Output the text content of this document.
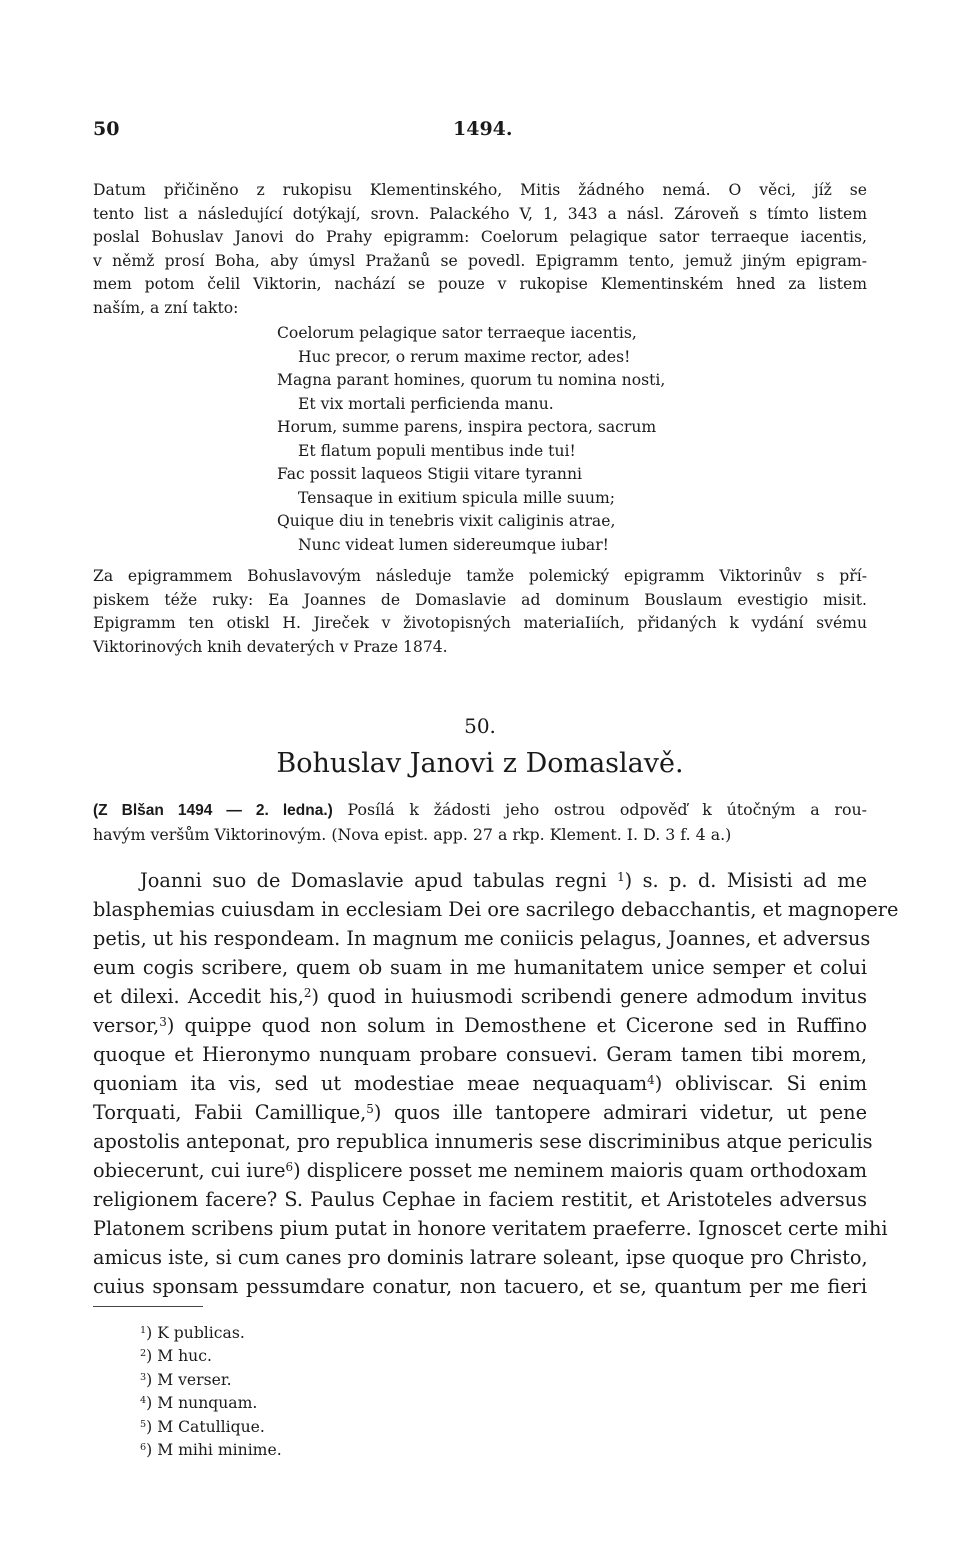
50	1494.
Datum přičiněno z rukopisu Klementinského, Mitis žádného nemá. O věci, jíž se
tento list a následující dotýkají, srovn. Palackého V, 1, 343 a násl. Zároveň s tímto listem
poslal Bohuslav Janovi do Prahy epigramm: Coelorum pelagique sator terraeque iacentis,
v němž prosí Boha, aby úmysl Pražanů se povedl. Epigramm tento, jemuž jiným epigram-
mem potom čelil Viktorin, nachází se pouze v rukopise Klementinském hned za listem
naším, a zní takto:
Coelorum pelagique sator terraeque iacentis,
Huc precor, o rerum maxime rector, ades!
Magna parant homines, quorum tu nomina nosti,
Et vix mortali perficienda manu.
Horum, summe parens, inspira pectora, sacrum
Et flatum populi mentibus inde tui!
Fac possit laqueos Stigii vitare tyranni
Tensaque in exitium spicula mille suum;
Quique diu in tenebris vixit caliginis atrae,
Nunc videat lumen sidereumque iubar!
Za epigrammem Bohuslavovým následuje tamže polemický epigramm Viktorinův s pří-
piskem téže ruky: Ea Joannes de Domaslavie ad dominum Bouslaum evestigio misit.
Epigramm ten otiskl H. Jireček v životopisných materiaIiích, přidaných k vydání svému
Viktorinových knih devaterých v Praze 1874.
50.
Bohuslav Janovi z Domaslavě.
(Z Blšan 1494 — 2. ledna.) Posílá k žádosti jeho ostrou odpověď k útočným a rou-
havým veršům Viktorinovým. (Nova epist. app. 27 a rkp. Klement. I. D. 3 f. 4 a.)
Joanni suo de Domaslavie apud tabulas regni $^1$) s. p. d. Misisti ad me
blasphemias cuiusdam in ecclesiam Dei ore sacrilego debacchantis, et magnopere
petis, ut his respondeam. In magnum me coniicis pelagus, Joannes, et adversus
eum cogis scribere, quem ob suam in me humanitatem unice semper et colui
et dilexi. Accedit his,$^2$) quod in huiusmodi scribendi genere admodum invitus
versor,$^3$) quippe quod non solum in Demosthene et Cicerone sed in Ruffino
quoque et Hieronymo nunquam probare consuevi. Geram tamen tibi morem,
quoniam ita vis, sed ut modestiae meae nequaquam$^4$) obliviscar. Si enim
Torquati, Fabii Camillique,$^5$) quos ille tantopere admirari videtur, ut pene
apostolis anteponat, pro republica innumeris sese discriminibus atque periculis
obiecerunt, cui iure$^6$) displicere posset me neminem maioris quam orthodoxam
religionem facere? S. Paulus Cephae in faciem restitit, et Aristoteles adversus
Platonem scribens pium putat in honore veritatem praeferre. Ignoscet certe mihi
amicus iste, si cum canes pro dominis latrare soleant, ipse quoque pro Christo,
cuius sponsam pessumdare conatur, non tacuero, et se, quantum per me fieri
$^1$) K publicas.
$^2$) M huc.
$^3$) M verser.
$^4$) M nunquam.
$^5$) M Catullique.
$^6$) M mihi minime.
